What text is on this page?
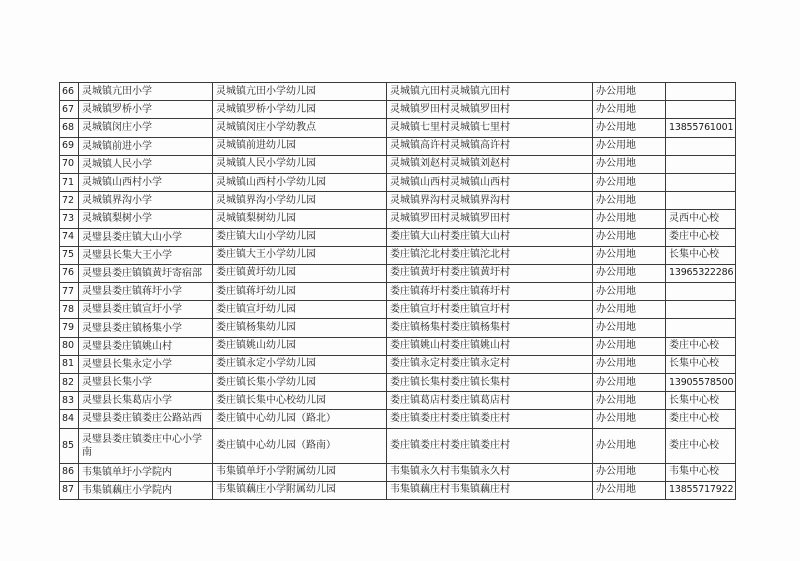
66	灵城镇亢田小学	灵城镇亢田小学幼儿园	灵城镇亢田村灵城镇亢田村	办公用地	
67	灵城镇罗桥小学	灵城镇罗桥小学幼儿园	灵城镇罗田村灵城镇罗田村	办公用地	
68	灵城镇闵庄小学	灵城镇闵庄小学幼教点	灵城镇七里村灵城镇七里村	办公用地	13855761001
69	灵城镇前进小学	灵城镇前进幼儿园	灵城镇高许村灵城镇高许村	办公用地	
70	灵城镇人民小学	灵城镇人民小学幼儿园	灵城镇刘赵村灵城镇刘赵村	办公用地	
71	灵城镇山西村小学	灵城镇山西村小学幼儿园	灵城镇山西村灵城镇山西村	办公用地	
72	灵城镇界沟小学	灵城镇界沟小学幼儿园	灵城镇界沟村灵城镇界沟村	办公用地	
73	灵城镇梨树小学	灵城镇梨树幼儿园	灵城镇罗田村灵城镇罗田村	办公用地	灵西中心校
74	灵璧县娄庄镇大山小学	娄庄镇大山小学幼儿园	娄庄镇大山村娄庄镇大山村	办公用地	娄庄中心校
75	灵璧县长集大王小学	娄庄镇大王小学幼儿园	娄庄镇沱北村娄庄镇沱北村	办公用地	长集中心校
76	灵璧县娄庄镇镇黄圩寄宿部	娄庄镇黄圩幼儿园	娄庄镇黄圩村娄庄镇黄圩村	办公用地	13965322286
77	灵璧县娄庄镇蒋圩小学	娄庄镇蒋圩幼儿园	娄庄镇蒋圩村娄庄镇蒋圩村	办公用地	
78	灵璧县娄庄镇宣圩小学	娄庄镇宣圩幼儿园	娄庄镇宣圩村娄庄镇宣圩村	办公用地	
79	灵璧县娄庄镇杨集小学	娄庄镇杨集幼儿园	娄庄镇杨集村娄庄镇杨集村	办公用地	
80	灵璧县娄庄镇姚山村	娄庄镇姚山幼儿园	娄庄镇姚山村娄庄镇姚山村	办公用地	娄庄中心校
81	灵璧县长集永定小学	娄庄镇永定小学幼儿园	娄庄镇永定村娄庄镇永定村	办公用地	长集中心校
82	灵璧县长集小学	娄庄镇长集小学幼儿园	娄庄镇长集村娄庄镇长集村	办公用地	13905578500
83	灵璧县长集葛店小学	娄庄镇长集中心校幼儿园	娄庄镇葛店村娄庄镇葛店村	办公用地	长集中心校
84	灵璧县娄庄镇娄庄公路站西	娄庄镇中心幼儿园（路北）	娄庄镇娄庄村娄庄镇娄庄村	办公用地	娄庄中心校
85	灵璧县娄庄镇娄庄中心小学南	娄庄镇中心幼儿园（路南）	娄庄镇娄庄村娄庄镇娄庄村	办公用地	娄庄中心校
86	韦集镇单圩小学院内	韦集镇单圩小学附属幼儿园	韦集镇永久村韦集镇永久村	办公用地	韦集中心校
87	韦集镇藕庄小学院内	韦集镇藕庄小学附属幼儿园	韦集镇藕庄村韦集镇藕庄村	办公用地	13855717922
